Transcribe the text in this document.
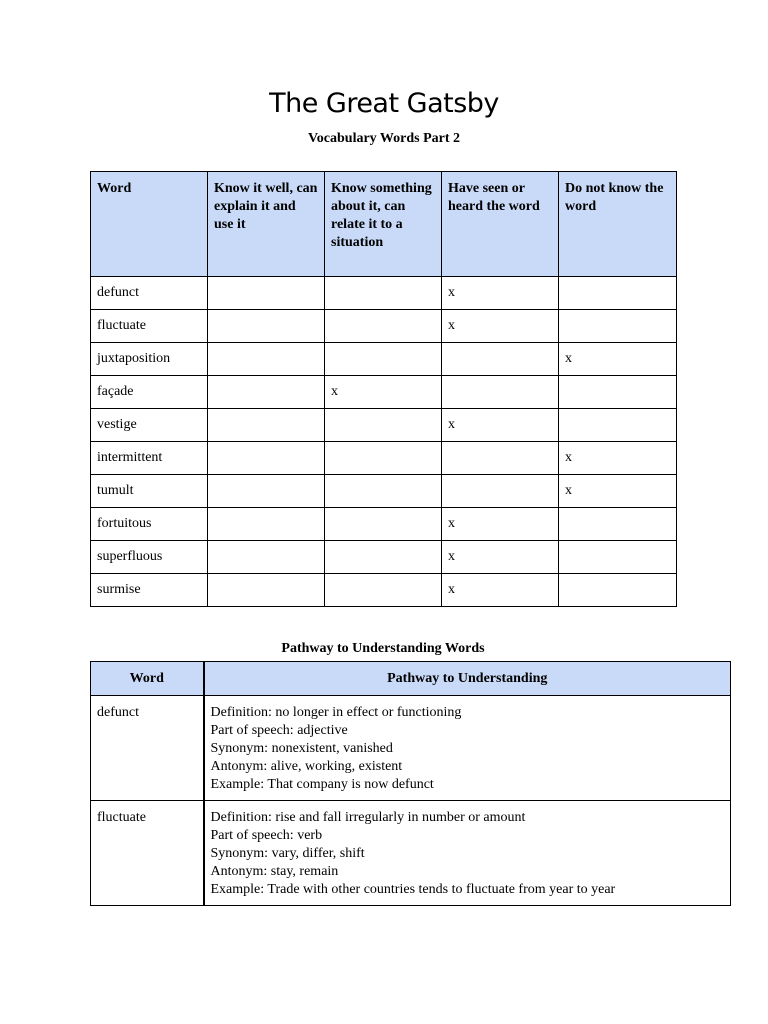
The Great Gatsby

Vocabulary Words Part 2

Word	Know it well, can explain it and use it	Know something about it, can relate it to a situation	Have seen or heard the word	Do not know the word
defunct			x	
fluctuate			x	
juxtaposition				x
façade		x		
vestige			x	
intermittent				x
tumult				x
fortuitous			x	
superfluous			x	
surmise			x	

Pathway to Understanding Words

Word	Pathway to Understanding
defunct	Definition: no longer in effect or functioning
Part of speech: adjective
Synonym: nonexistent, vanished
Antonym: alive, working, existent
Example: That company is now defunct

fluctuate	Definition: rise and fall irregularly in number or amount
Part of speech: verb
Synonym: vary, differ, shift
Antonym: stay, remain
Example: Trade with other countries tends to fluctuate from year to year
